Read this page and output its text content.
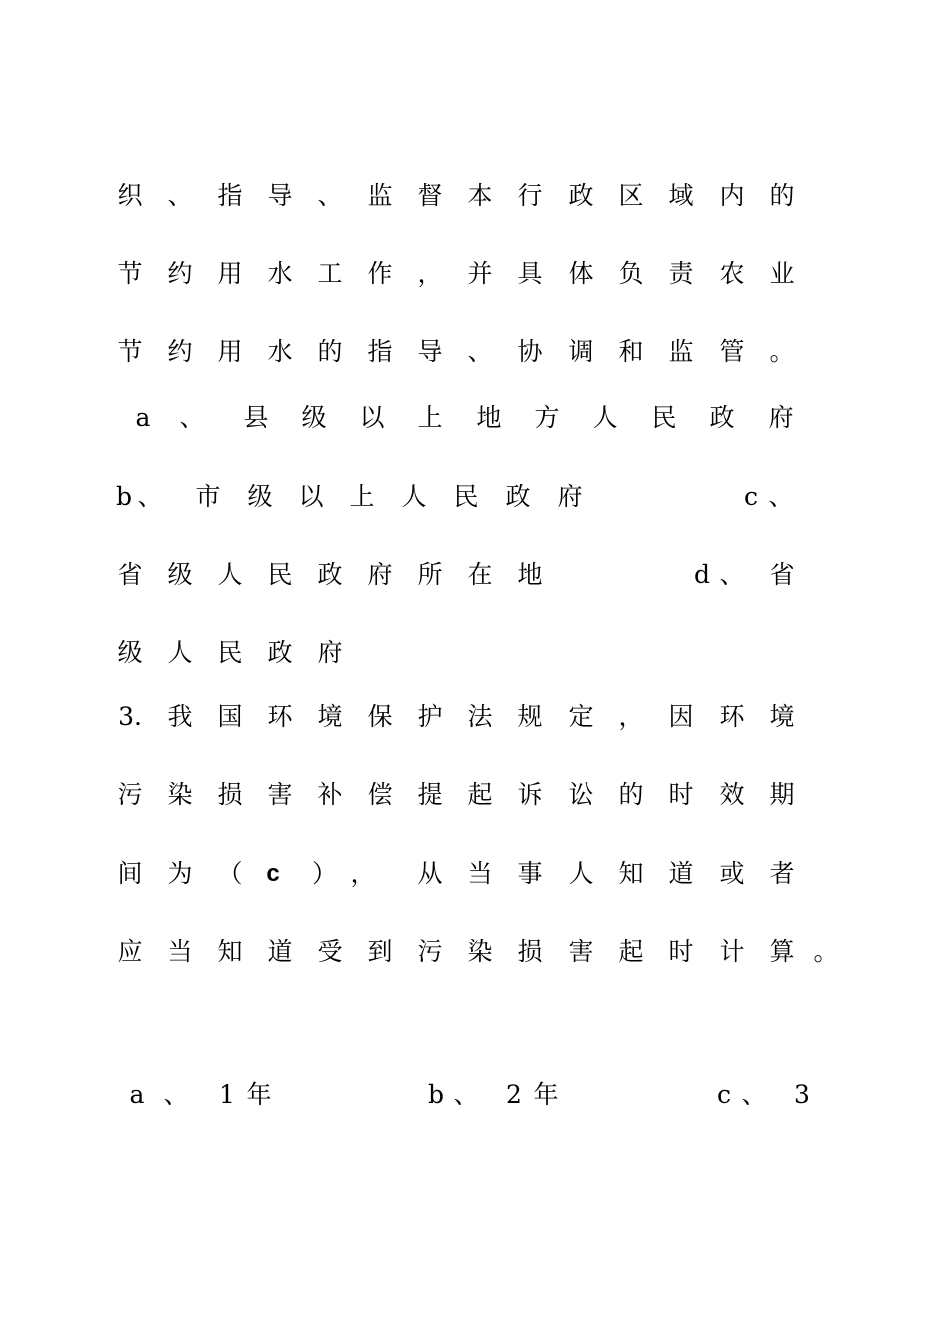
织 、 指 导 、 监 督 本 行 政 区 域 内 的
节 约 用 水 工 作 ， 并 具 体 负 责 农 业
节 约 用 水 的 指 导 、 协 调 和 监 管 。
a	、 县 级 以 上 地 方 人 民 政 府
b 、 市 级 以 上 人 民 政 府	c 、
省 级 人 民 政 府 所 在 地	d 、 省
级 人 民 政 府
3. 我 国 环 境 保 护 法 规 定 ， 因 环 境
污 染 损 害 补 偿 提 起 诉 讼 的 时 效 期
间 为 （ c	）， 从 当 事 人 知 道 或 者
应 当 知 道 受 到 污 染 损 害 起 时 计 算 。
a 、 1 年	b 、 2 年	c 、 3
